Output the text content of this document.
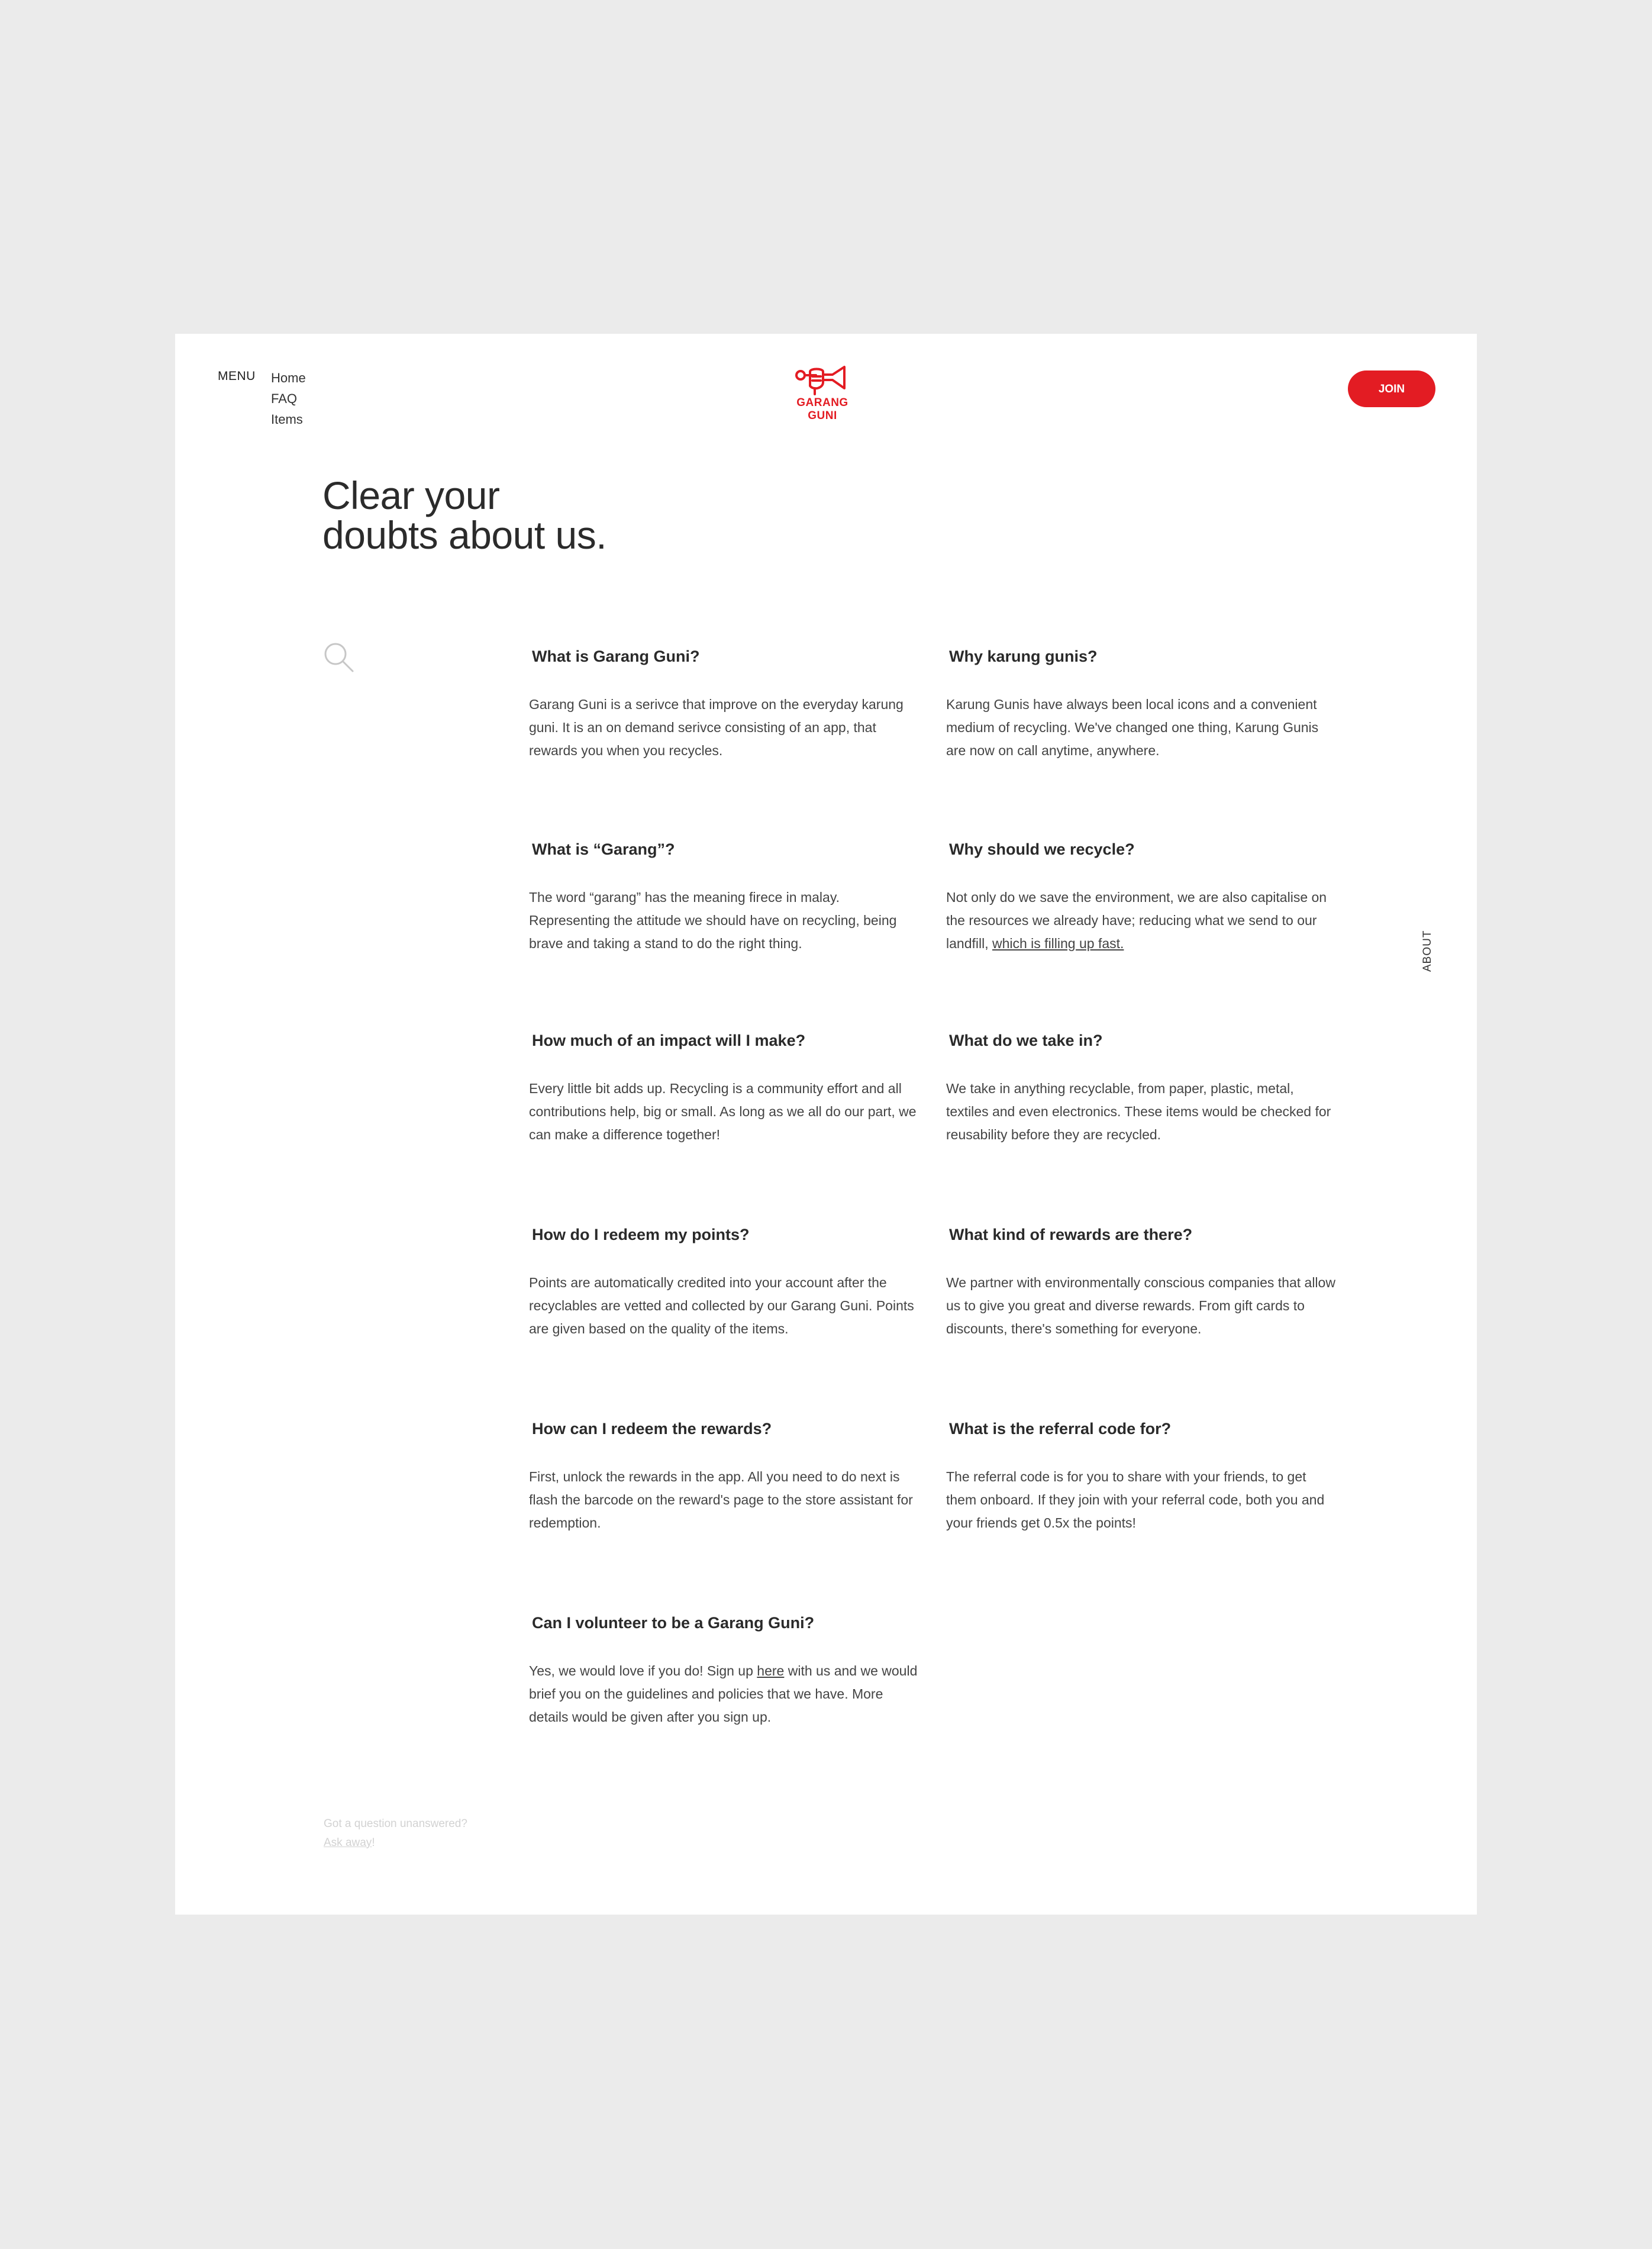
MENU Home
FAQ
Items
GARANG
GUNI
JOIN
Clear your
doubts about us.
What is Garang Guni?

Garang Guni is a serivce that improve on the everyday karung guni. It is an on demand serivce consisting of an app, that rewards you when you recycles.

Why karung gunis?

Karung Gunis have always been local icons and a convenient medium of recycling. We've changed one thing, Karung Gunis are now on call anytime, anywhere.

What is “Garang”?

The word “garang” has the meaning firece in malay. Representing the attitude we should have on recycling, being brave and taking a stand to do the right thing.

Why should we recycle?

Not only do we save the environment, we are also capitalise on the resources we already have; reducing what we send to our landfill, which is filling up fast.

How much of an impact will I make?

Every little bit adds up. Recycling is a community effort and all contributions help, big or small. As long as we all do our part, we can make a difference together!

What do we take in?

We take in anything recyclable, from paper, plastic, metal, textiles and even electronics. These items would be checked for reusability before they are recycled.

How do I redeem my points?

Points are automatically credited into your account after the recyclables are vetted and collected by our Garang Guni. Points are given based on the quality of the items.

What kind of rewards are there?

We partner with environmentally conscious companies that allow us to give you great and diverse rewards. From gift cards to discounts, there's something for everyone.

How can I redeem the rewards?

First, unlock the rewards in the app. All you need to do next is flash the barcode on the reward's page to the store assistant for redemption.

What is the referral code for?

The referral code is for you to share with your friends, to get them onboard. If they join with your referral code, both you and your friends get 0.5x the points!

Can I volunteer to be a Garang Guni?

Yes, we would love if you do! Sign up here with us and we would brief you on the guidelines and policies that we have. More details would be given after you sign up.

ABOUT
Got a question unanswered?
Ask away!
